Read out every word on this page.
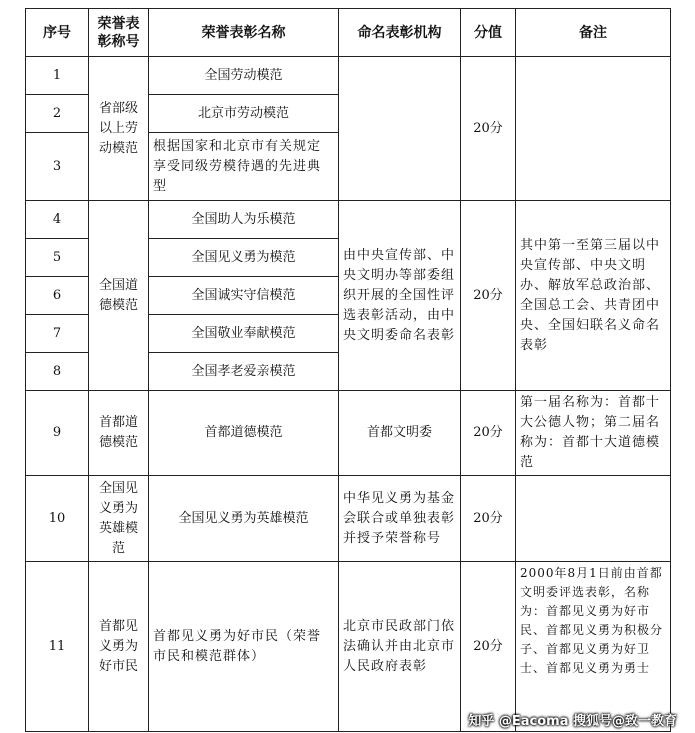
序号	荣誉表彰称号	荣誉表彰名称	命名表彰机构	分值	备注
1	省部级以上劳动模范	全国劳动模范		20分	
2		北京市劳动模范			
3		根据国家和北京市有关规定享受同级劳模待遇的先进典型			
4	全国道德模范	全国助人为乐模范	由中央宣传部、中央文明办等部委组织开展的全国性评选表彰活动，由中央文明委命名表彰	20分	其中第一至第三届以中央宣传部、中央文明办、解放军总政治部、全国总工会、共青团中央、全国妇联名义命名表彰
5		全国见义勇为模范			
6		全国诚实守信模范			
7		全国敬业奉献模范			
8		全国孝老爱亲模范			
9	首都道德模范	首都道德模范	首都文明委	20分	第一届名称为：首都十大公德人物；第二届名称为：首都十大道德模范
10	全国见义勇为英雄模范	全国见义勇为英雄模范	中华见义勇为基金会联合或单独表彰并授予荣誉称号	20分	
11	首都见义勇为好市民	首都见义勇为好市民（荣誉市民和模范群体）	北京市民政部门依法确认并由北京市人民政府表彰	20分	2000年8月1日前由首都文明委评选表彰，名称为：首都见义勇为好市民、首都见义勇为积极分子、首都见义勇为好卫士、首都见义勇为勇士
知乎 @Eacoma 搜狐号@致一教育
